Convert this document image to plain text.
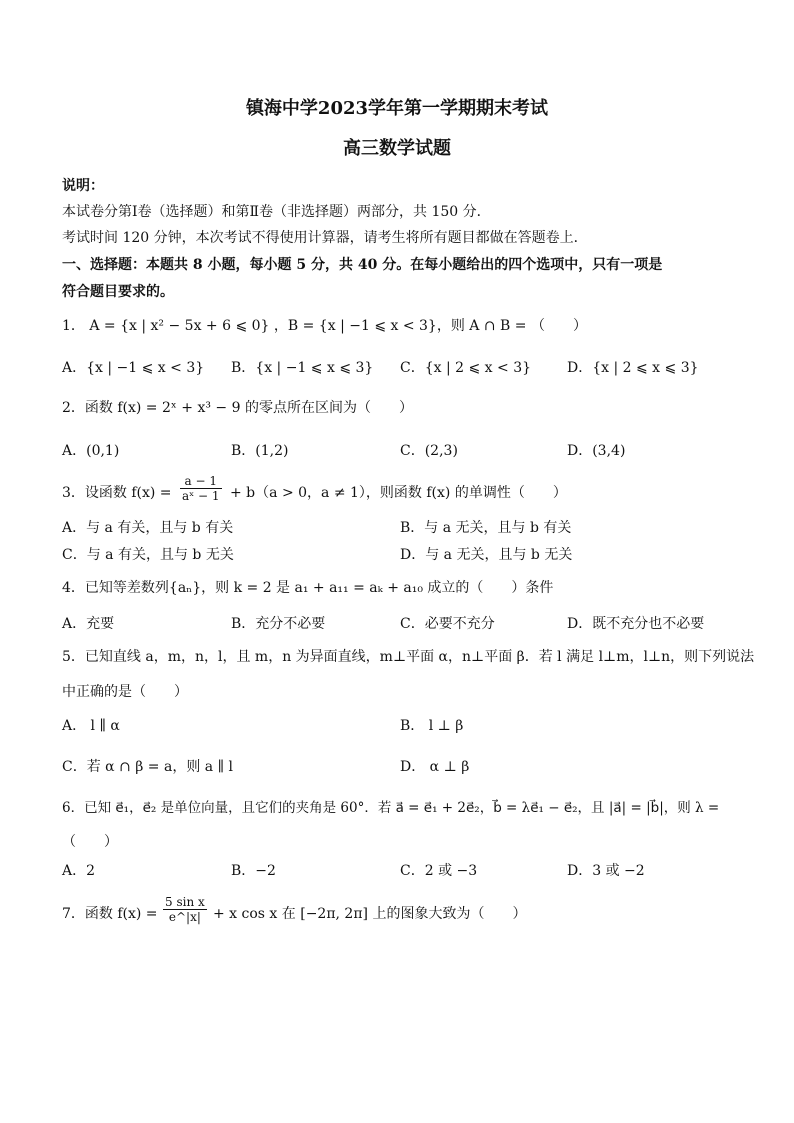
镇海中学2023学年第一学期期末考试
高三数学试题
说明：
本试卷分第Ⅰ卷（选择题）和第Ⅱ卷（非选择题）两部分，共 150 分．
考试时间 120 分钟，本次考试不得使用计算器，请考生将所有题目都做在答题卷上．
一、选择题：本题共 8 小题，每小题 5 分，共 40 分。在每小题给出的四个选项中，只有一项是
符合题目要求的。
1． A = {x | x² − 5x + 6 ⩽ 0} ，B = {x | −1 ⩽ x < 3}，则 A ∩ B = （　　）
A．{x | −1 ⩽ x < 3} B．{x | −1 ⩽ x ⩽ 3} C．{x | 2 ⩽ x < 3}	D．{x | 2 ⩽ x ⩽ 3}
2．函数 f(x) = 2ˣ + x³ − 9 的零点所在区间为（　　）
A．(0,1)	B．(1,2)	C．(2,3)	D．(3,4)
3．设函数 $f(x) = \frac{a - 1}{\text{aˣ − 1}} + b(a > 0$，a ≠ 1），则函数 f(x) 的单调性（　　）
A．与 a 有关，且与 b 有关	B．与 a 无关，且与 b 有关
C．与 a 有关，且与 b 无关	D．与 a 无关，且与 b 无关
4．已知等差数列{aₙ}，则 k = 2 是 a₁ + a₁₁ = aₖ + a₁₀ 成立的（　　）条件
A．充要	B．充分不必要	C．必要不充分	D．既不充分也不必要
5．已知直线 a，m，n，l，且 m，n 为异面直线，m⊥平面 α，n⊥平面 β．若 l 满足 l⊥m，l⊥n，则下列说法
中正确的是（　　）
A． l ∥ α	B． l ⊥ β
C．若 α ∩ β = a，则 a ∥ l	D． α ⊥ β
6．已知 e⃗₁，e⃗₂ 是单位向量，且它们的夹角是 60°．若 a⃗ = e⃗₁ + 2e⃗₂，b⃗ = λe⃗₁ − e⃗₂，且 |a⃗| = |b⃗|，则 λ =
（　　）
A．2	B．−2	C．2 或 −3	D．3 或 −2
7．函数 $f(x) = \frac{\text{5 sin x}}{e\^{}|x|} + x$ cos x 在 [−2π, 2π] 上的图象大致为（　　）
